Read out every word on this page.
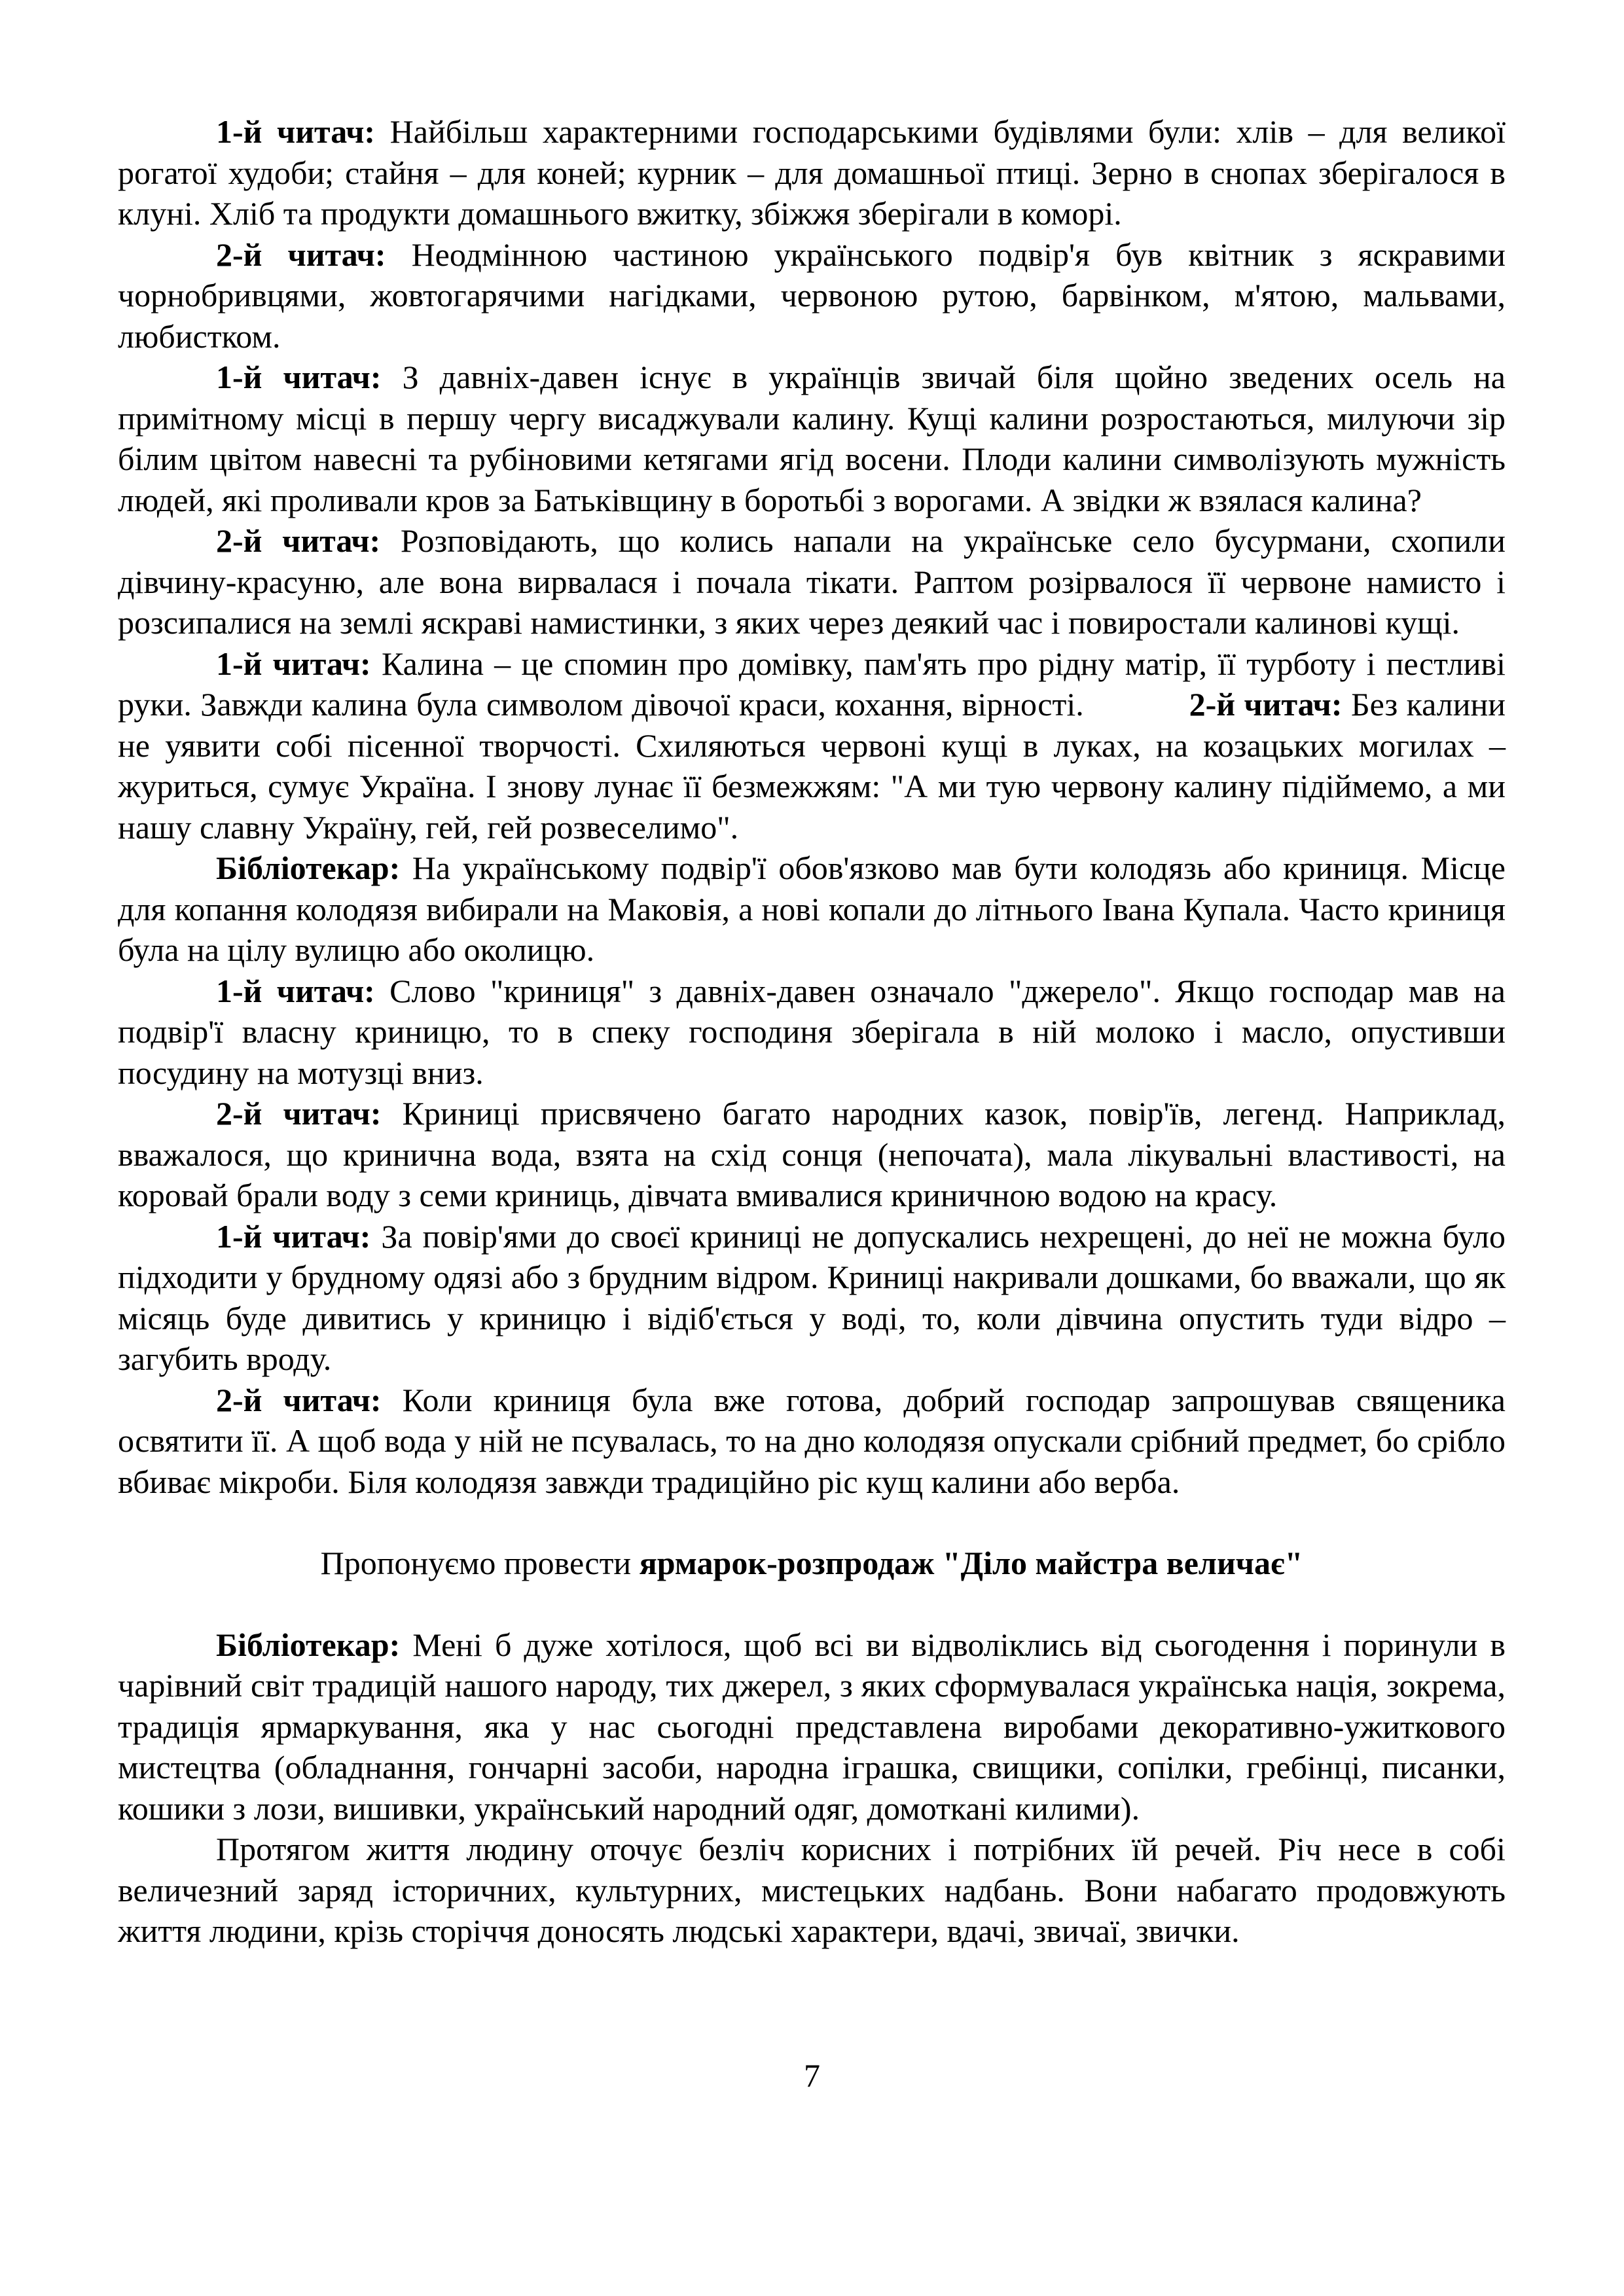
1-й читач: Найбільш характерними господарськими будівлями були: хлів – для великої рогатої худоби; стайня – для коней; курник – для домашньої птиці. Зерно в снопах зберігалося в клуні. Хліб та продукти домашнього вжитку, збіжжя зберігали в коморі.

2-й читач: Неодмінною частиною українського подвір'я був квітник з яскравими чорнобривцями, жовтогарячими нагідками, червоною рутою, барвінком, м'ятою, мальвами, любистком.

1-й читач: З давніх-давен існує в українців звичай біля щойно зведених осель на примітному місці в першу чергу висаджували калину. Кущі калини розростаються, милуючи зір білим цвітом навесні та рубіновими кетягами ягід восени. Плоди калини символізують мужність людей, які проливали кров за Батьківщину в боротьбі з ворогами. А звідки ж взялася калина?

2-й читач: Розповідають, що колись напали на українське село бусурмани, схопили дівчину-красуню, але вона вирвалася і почала тікати. Раптом розірвалося її червоне намисто і розсипалися на землі яскраві намистинки, з яких через деякий час і повиростали калинові кущі.

1-й читач: Калина – це спомин про домівку, пам'ять про рідну матір, її турботу і пестливі руки. Завжди калина була символом дівочої краси, кохання, вірності.	2-й читач: Без калини не уявити собі пісенної творчості. Схиляються червоні кущі в луках, на козацьких могилах – журиться, сумує Україна. І знову лунає її безмежжям: "А ми тую червону калину підіймемо, а ми нашу славну Україну, гей, гей розвеселимо".

Бібліотекар: На українському подвір'ї обов'язково мав бути колодязь або криниця. Місце для копання колодязя вибирали на Маковія, а нові копали до літнього Івана Купала. Часто криниця була на цілу вулицю або околицю.

1-й читач: Слово "криниця" з давніх-давен означало "джерело". Якщо господар мав на подвір'ї власну криницю, то в спеку господиня зберігала в ній молоко і масло, опустивши посудину на мотузці вниз.

2-й читач: Криниці присвячено багато народних казок, повір'їв, легенд. Наприклад, вважалося, що кринична вода, взята на схід сонця (непочата), мала лікувальні властивості, на коровай брали воду з семи криниць, дівчата вмивалися криничною водою на красу.

1-й читач: За повір'ями до своєї криниці не допускались нехрещені, до неї не можна було підходити у брудному одязі або з брудним відром. Криниці накривали дошками, бо вважали, що як місяць буде дивитись у криницю і відіб'ється у воді, то, коли дівчина опустить туди відро – загубить вроду.

2-й читач: Коли криниця була вже готова, добрий господар запрошував священика освятити її. А щоб вода у ній не псувалась, то на дно колодязя опускали срібний предмет, бо срібло вбиває мікроби. Біля колодязя завжди традиційно ріс кущ калини або верба.

Пропонуємо провести ярмарок-розпродаж "Діло майстра величає"

Бібліотекар: Мені б дуже хотілося, щоб всі ви відволіклись від сьогодення і поринули в чарівний світ традицій нашого народу, тих джерел, з яких сформувалася українська нація, зокрема, традиція ярмаркування, яка у нас сьогодні представлена виробами декоративно-ужиткового мистецтва (обладнання, гончарні засоби, народна іграшка, свищики, сопілки, гребінці, писанки, кошики з лози, вишивки, український народний одяг, домоткані килими).

Протягом життя людину оточує безліч корисних і потрібних їй речей. Річ несе в собі величезний заряд історичних, культурних, мистецьких надбань. Вони набагато продовжують життя людини, крізь сторіччя доносять людські характери, вдачі, звичаї, звички.

7
